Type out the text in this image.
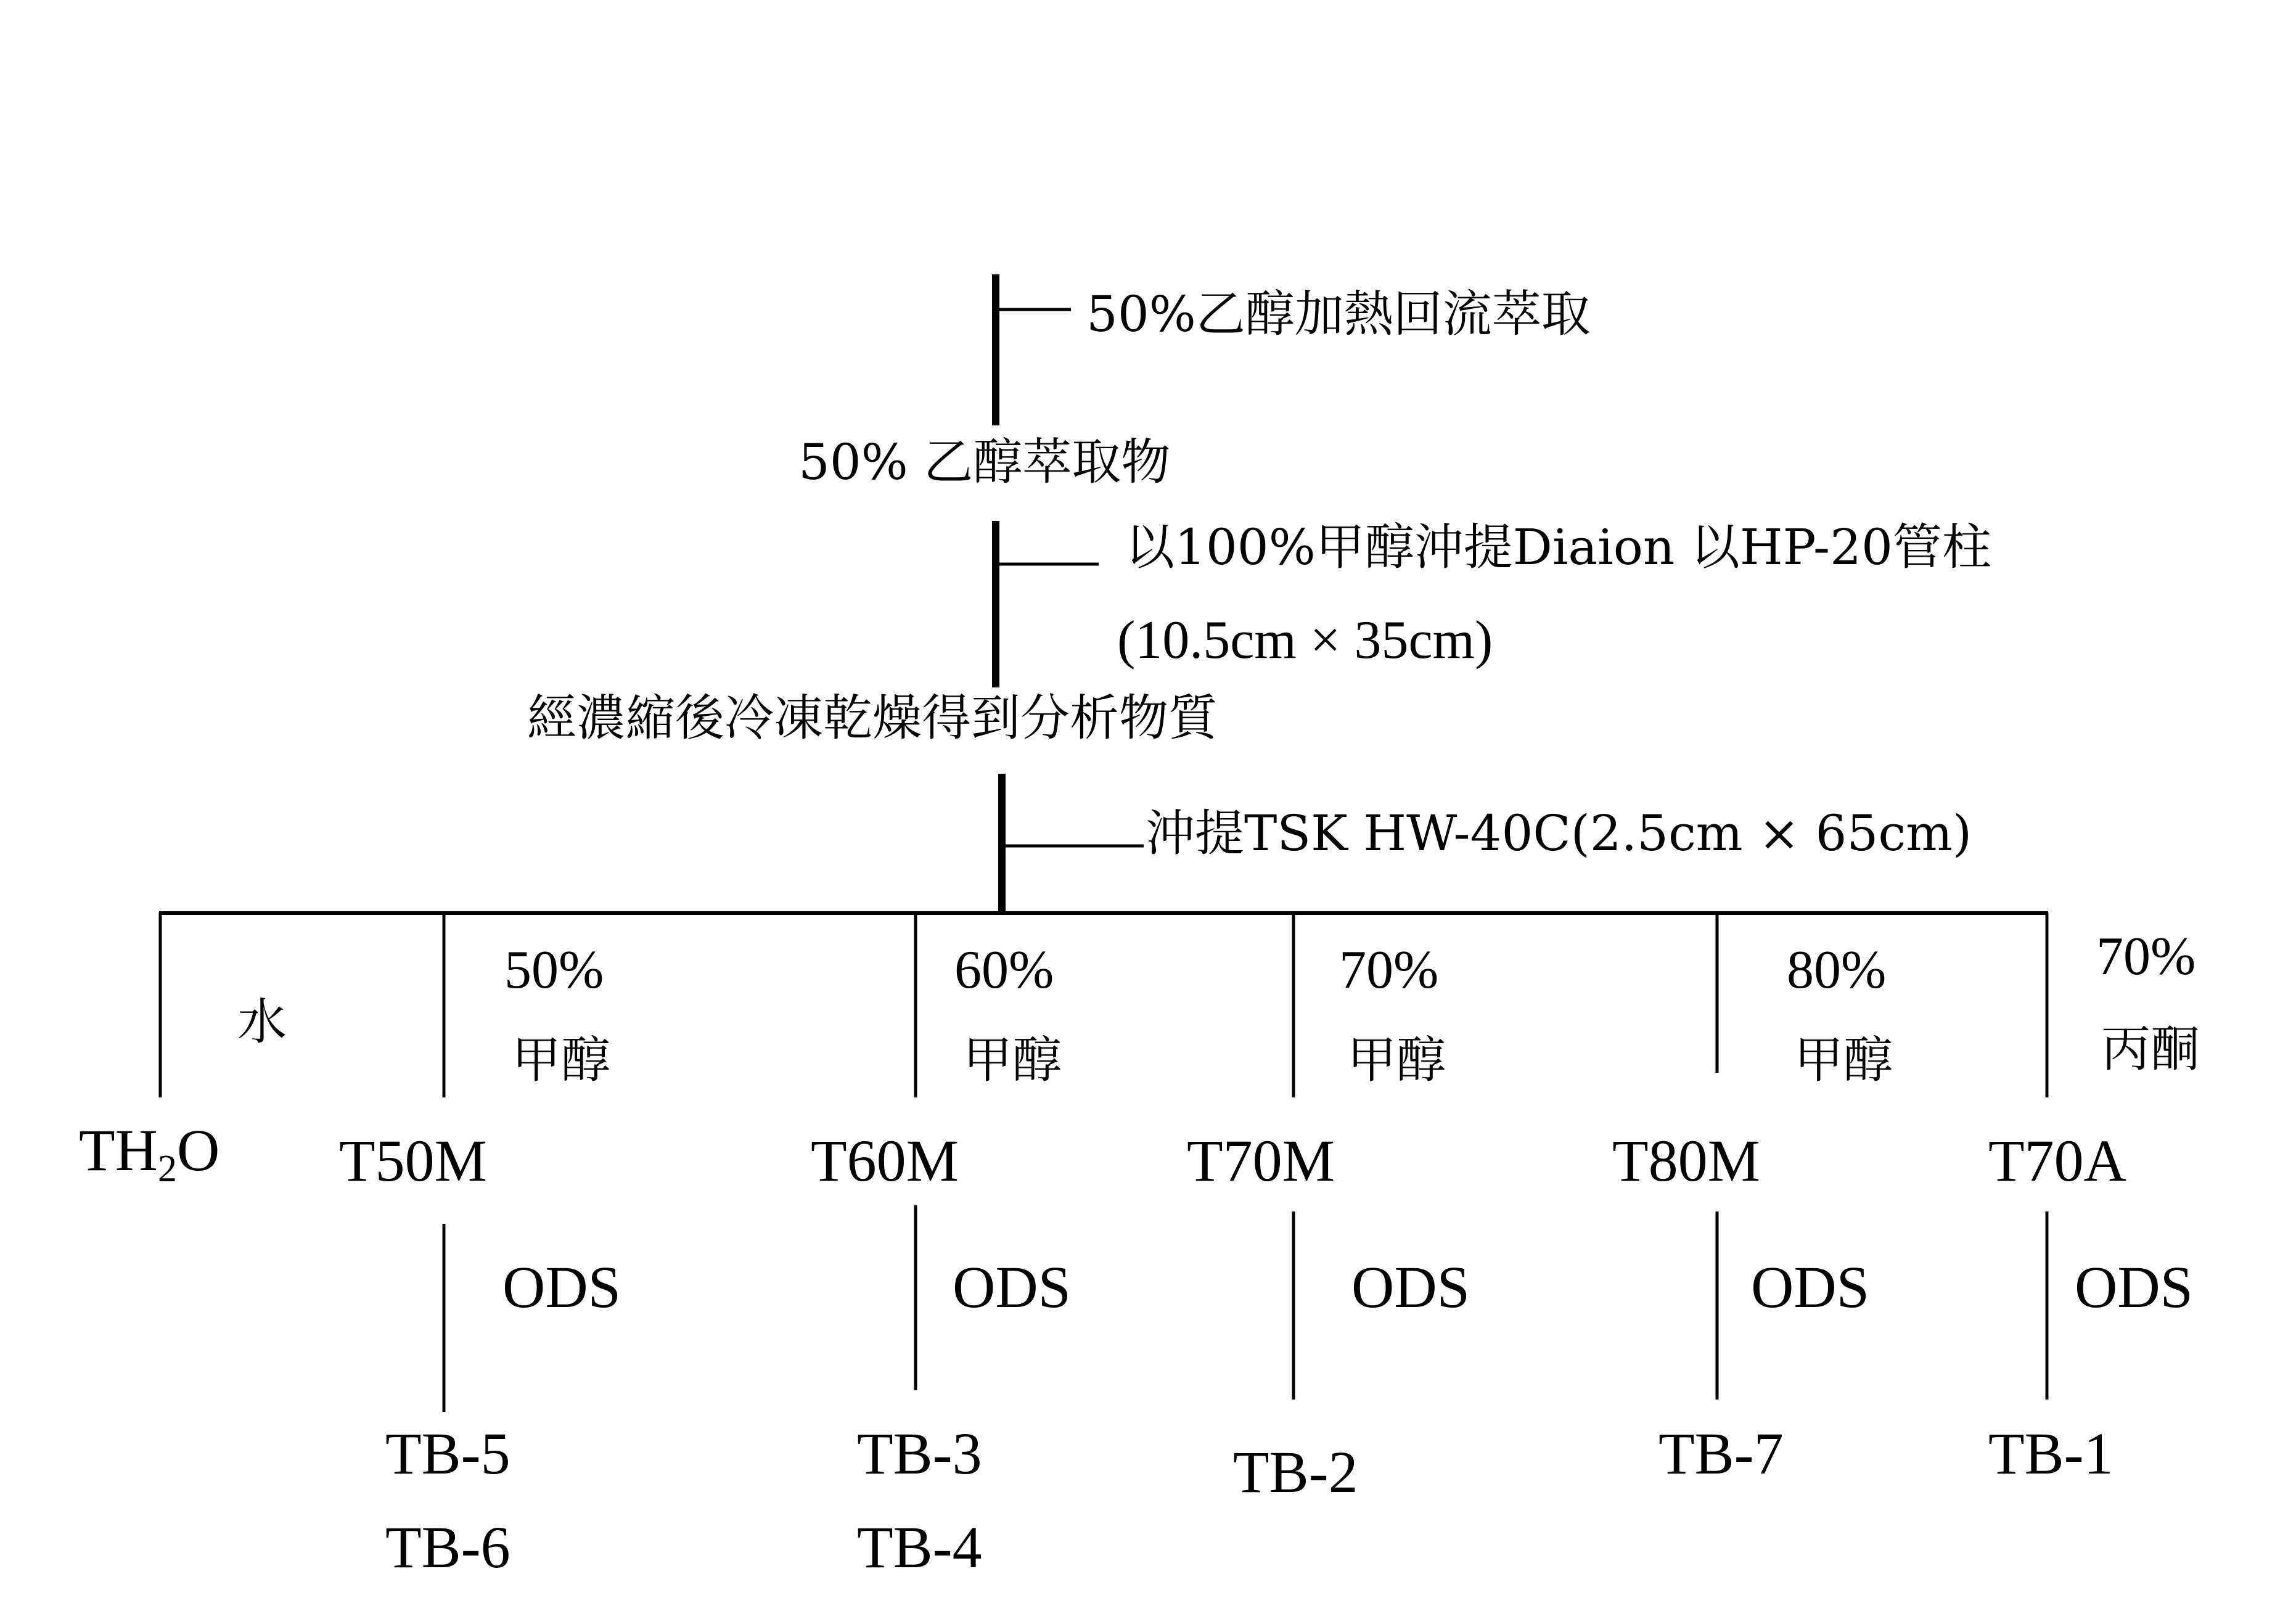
50%乙醇加熱回流萃取
50% 乙醇萃取物
以100%甲醇沖提Diaion 以HP-20管柱
(10.5cm × 35cm)
經濃縮後冷凍乾燥得到分析物質
沖提TSK HW-40C(2.5cm × 65cm)
水
$TH_2O$
50%
甲醇
T50M
ODS
TB-5
TB-6
60%
甲醇
T60M
ODS
TB-3
TB-4
70%
甲醇
T70M
ODS
TB-2
80%
甲醇
T80M
ODS
TB-7
70%
丙酮
T70A
ODS
TB-1
